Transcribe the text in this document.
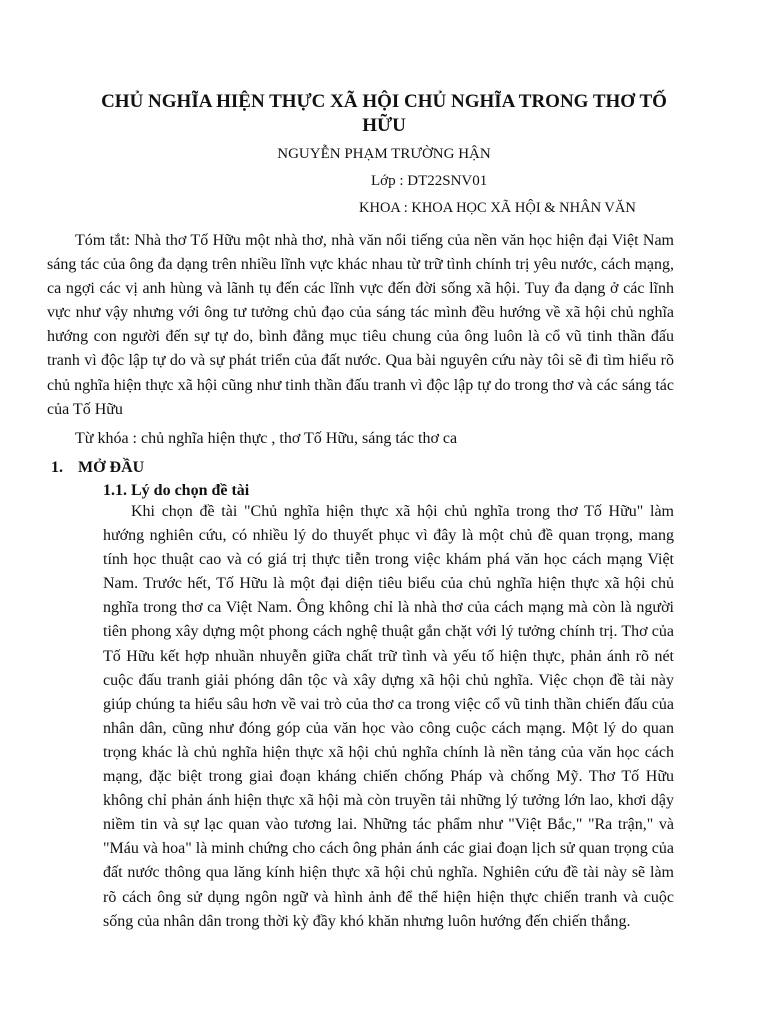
CHỦ NGHĨA HIỆN THỰC XÃ HỘI CHỦ NGHĨA TRONG THƠ TỐ HỮU
NGUYỄN PHẠM TRƯỜNG HẬN
Lớp : DT22SNV01
KHOA : KHOA HỌC XÃ HỘI & NHÂN VĂN

Tóm tắt: Nhà thơ Tố Hữu một nhà thơ, nhà văn nổi tiếng của nền văn học hiện đại Việt Nam sáng tác của ông đa dạng trên nhiều lĩnh vực khác nhau từ trữ tình chính trị yêu nước, cách mạng, ca ngợi các vị anh hùng và lãnh tụ đến các lĩnh vực đến đời sống xã hội. Tuy đa dạng ở các lĩnh vực như vậy nhưng với ông tư tưởng chủ đạo của sáng tác mình đều hướng về xã hội chủ nghĩa hướng con người đến sự tự do, bình đẳng mục tiêu chung của ông luôn là cổ vũ tinh thần đấu tranh vì độc lập tự do và sự phát triển của đất nước. Qua bài nguyên cứu này tôi sẽ đi tìm hiểu rõ chủ nghĩa hiện thực xã hội cũng như tinh thần đấu tranh vì độc lập tự do trong thơ và các sáng tác của Tố Hữu

Từ khóa : chủ nghĩa hiện thực , thơ Tố Hữu, sáng tác thơ ca

1. MỞ ĐẦU
1.1. Lý do chọn đề tài

Khi chọn đề tài "Chủ nghĩa hiện thực xã hội chủ nghĩa trong thơ Tố Hữu" làm hướng nghiên cứu, có nhiều lý do thuyết phục vì đây là một chủ đề quan trọng, mang tính học thuật cao và có giá trị thực tiễn trong việc khám phá văn học cách mạng Việt Nam. Trước hết, Tố Hữu là một đại diện tiêu biểu của chủ nghĩa hiện thực xã hội chủ nghĩa trong thơ ca Việt Nam. Ông không chỉ là nhà thơ của cách mạng mà còn là người tiên phong xây dựng một phong cách nghệ thuật gắn chặt với lý tưởng chính trị. Thơ của Tố Hữu kết hợp nhuần nhuyễn giữa chất trữ tình và yếu tố hiện thực, phản ánh rõ nét cuộc đấu tranh giải phóng dân tộc và xây dựng xã hội chủ nghĩa. Việc chọn đề tài này giúp chúng ta hiểu sâu hơn về vai trò của thơ ca trong việc cổ vũ tinh thần chiến đấu của nhân dân, cũng như đóng góp của văn học vào công cuộc cách mạng. Một lý do quan trọng khác là chủ nghĩa hiện thực xã hội chủ nghĩa chính là nền tảng của văn học cách mạng, đặc biệt trong giai đoạn kháng chiến chống Pháp và chống Mỹ. Thơ Tố Hữu không chỉ phản ánh hiện thực xã hội mà còn truyền tải những lý tưởng lớn lao, khơi dậy niềm tin và sự lạc quan vào tương lai. Những tác phẩm như "Việt Bắc," "Ra trận," và "Máu và hoa" là minh chứng cho cách ông phản ánh các giai đoạn lịch sử quan trọng của đất nước thông qua lăng kính hiện thực xã hội chủ nghĩa. Nghiên cứu đề tài này sẽ làm rõ cách ông sử dụng ngôn ngữ và hình ảnh để thể hiện hiện thực chiến tranh và cuộc sống của nhân dân trong thời kỳ đầy khó khăn nhưng luôn hướng đến chiến thắng.
